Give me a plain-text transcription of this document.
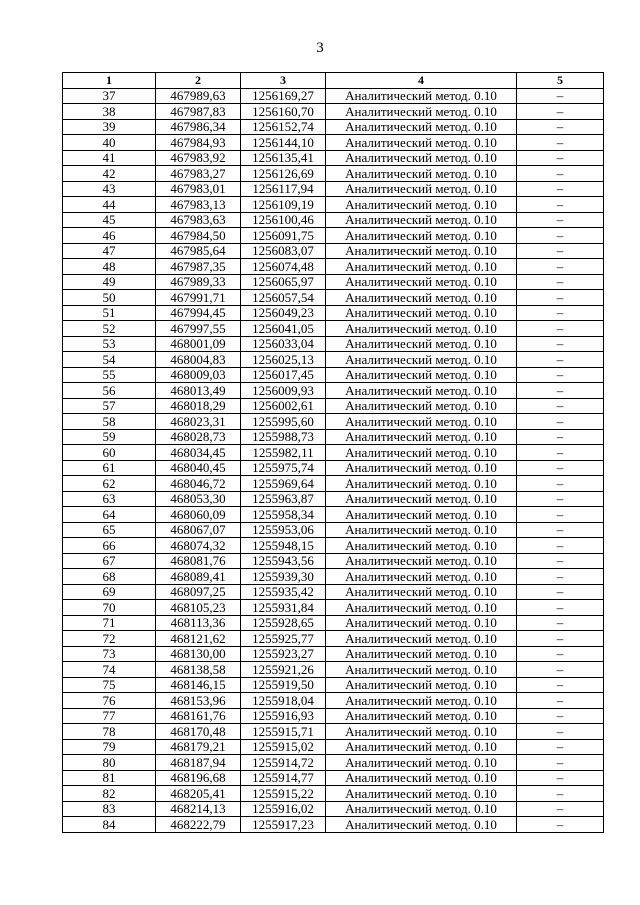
3
1	2	3	4	5
37	467989,63	1256169,27	Аналитический метод. 0.10	–
38	467987,83	1256160,70	Аналитический метод. 0.10	–
39	467986,34	1256152,74	Аналитический метод. 0.10	–
40	467984,93	1256144,10	Аналитический метод. 0.10	–
41	467983,92	1256135,41	Аналитический метод. 0.10	–
42	467983,27	1256126,69	Аналитический метод. 0.10	–
43	467983,01	1256117,94	Аналитический метод. 0.10	–
44	467983,13	1256109,19	Аналитический метод. 0.10	–
45	467983,63	1256100,46	Аналитический метод. 0.10	–
46	467984,50	1256091,75	Аналитический метод. 0.10	–
47	467985,64	1256083,07	Аналитический метод. 0.10	–
48	467987,35	1256074,48	Аналитический метод. 0.10	–
49	467989,33	1256065,97	Аналитический метод. 0.10	–
50	467991,71	1256057,54	Аналитический метод. 0.10	–
51	467994,45	1256049,23	Аналитический метод. 0.10	–
52	467997,55	1256041,05	Аналитический метод. 0.10	–
53	468001,09	1256033,04	Аналитический метод. 0.10	–
54	468004,83	1256025,13	Аналитический метод. 0.10	–
55	468009,03	1256017,45	Аналитический метод. 0.10	–
56	468013,49	1256009,93	Аналитический метод. 0.10	–
57	468018,29	1256002,61	Аналитический метод. 0.10	–
58	468023,31	1255995,60	Аналитический метод. 0.10	–
59	468028,73	1255988,73	Аналитический метод. 0.10	–
60	468034,45	1255982,11	Аналитический метод. 0.10	–
61	468040,45	1255975,74	Аналитический метод. 0.10	–
62	468046,72	1255969,64	Аналитический метод. 0.10	–
63	468053,30	1255963,87	Аналитический метод. 0.10	–
64	468060,09	1255958,34	Аналитический метод. 0.10	–
65	468067,07	1255953,06	Аналитический метод. 0.10	–
66	468074,32	1255948,15	Аналитический метод. 0.10	–
67	468081,76	1255943,56	Аналитический метод. 0.10	–
68	468089,41	1255939,30	Аналитический метод. 0.10	–
69	468097,25	1255935,42	Аналитический метод. 0.10	–
70	468105,23	1255931,84	Аналитический метод. 0.10	–
71	468113,36	1255928,65	Аналитический метод. 0.10	–
72	468121,62	1255925,77	Аналитический метод. 0.10	–
73	468130,00	1255923,27	Аналитический метод. 0.10	–
74	468138,58	1255921,26	Аналитический метод. 0.10	–
75	468146,15	1255919,50	Аналитический метод. 0.10	–
76	468153,96	1255918,04	Аналитический метод. 0.10	–
77	468161,76	1255916,93	Аналитический метод. 0.10	–
78	468170,48	1255915,71	Аналитический метод. 0.10	–
79	468179,21	1255915,02	Аналитический метод. 0.10	–
80	468187,94	1255914,72	Аналитический метод. 0.10	–
81	468196,68	1255914,77	Аналитический метод. 0.10	–
82	468205,41	1255915,22	Аналитический метод. 0.10	–
83	468214,13	1255916,02	Аналитический метод. 0.10	–
84	468222,79	1255917,23	Аналитический метод. 0.10	–
